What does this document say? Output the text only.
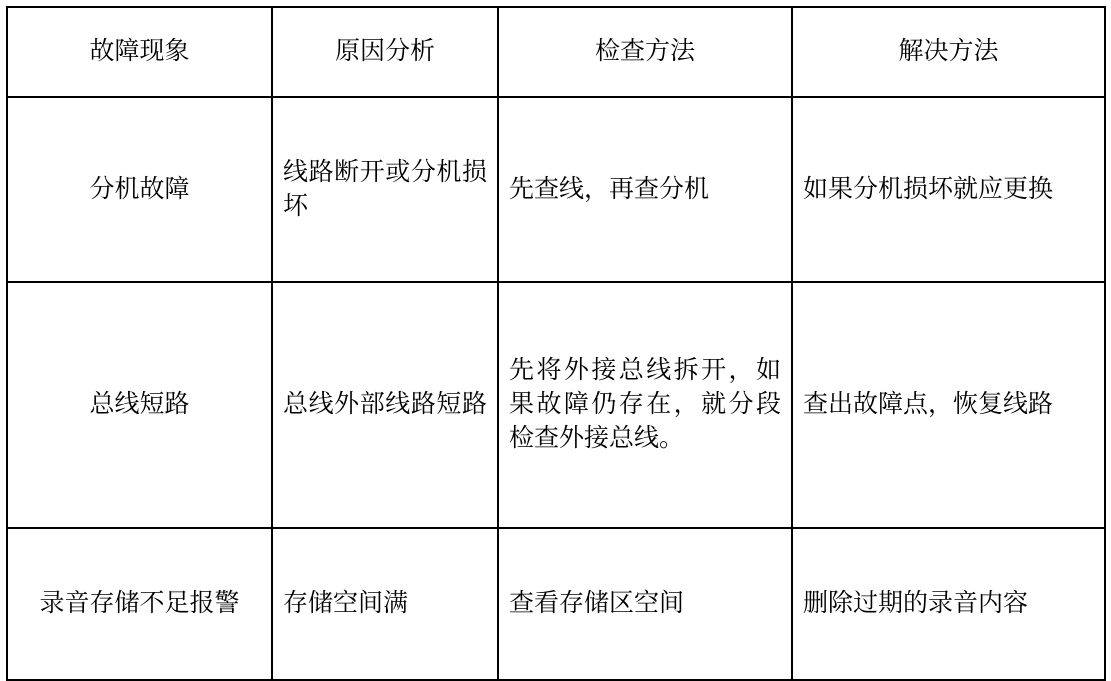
故障现象	原因分析	检查方法	解决方法
分机故障	线路断开或分机损坏	先查线，再查分机	如果分机损坏就应更换
总线短路	总线外部线路短路	先将外接总线拆开，如果故障仍存在，就分段检查外接总线。	查出故障点，恢复线路
录音存储不足报警	存储空间满	查看存储区空间	删除过期的录音内容
